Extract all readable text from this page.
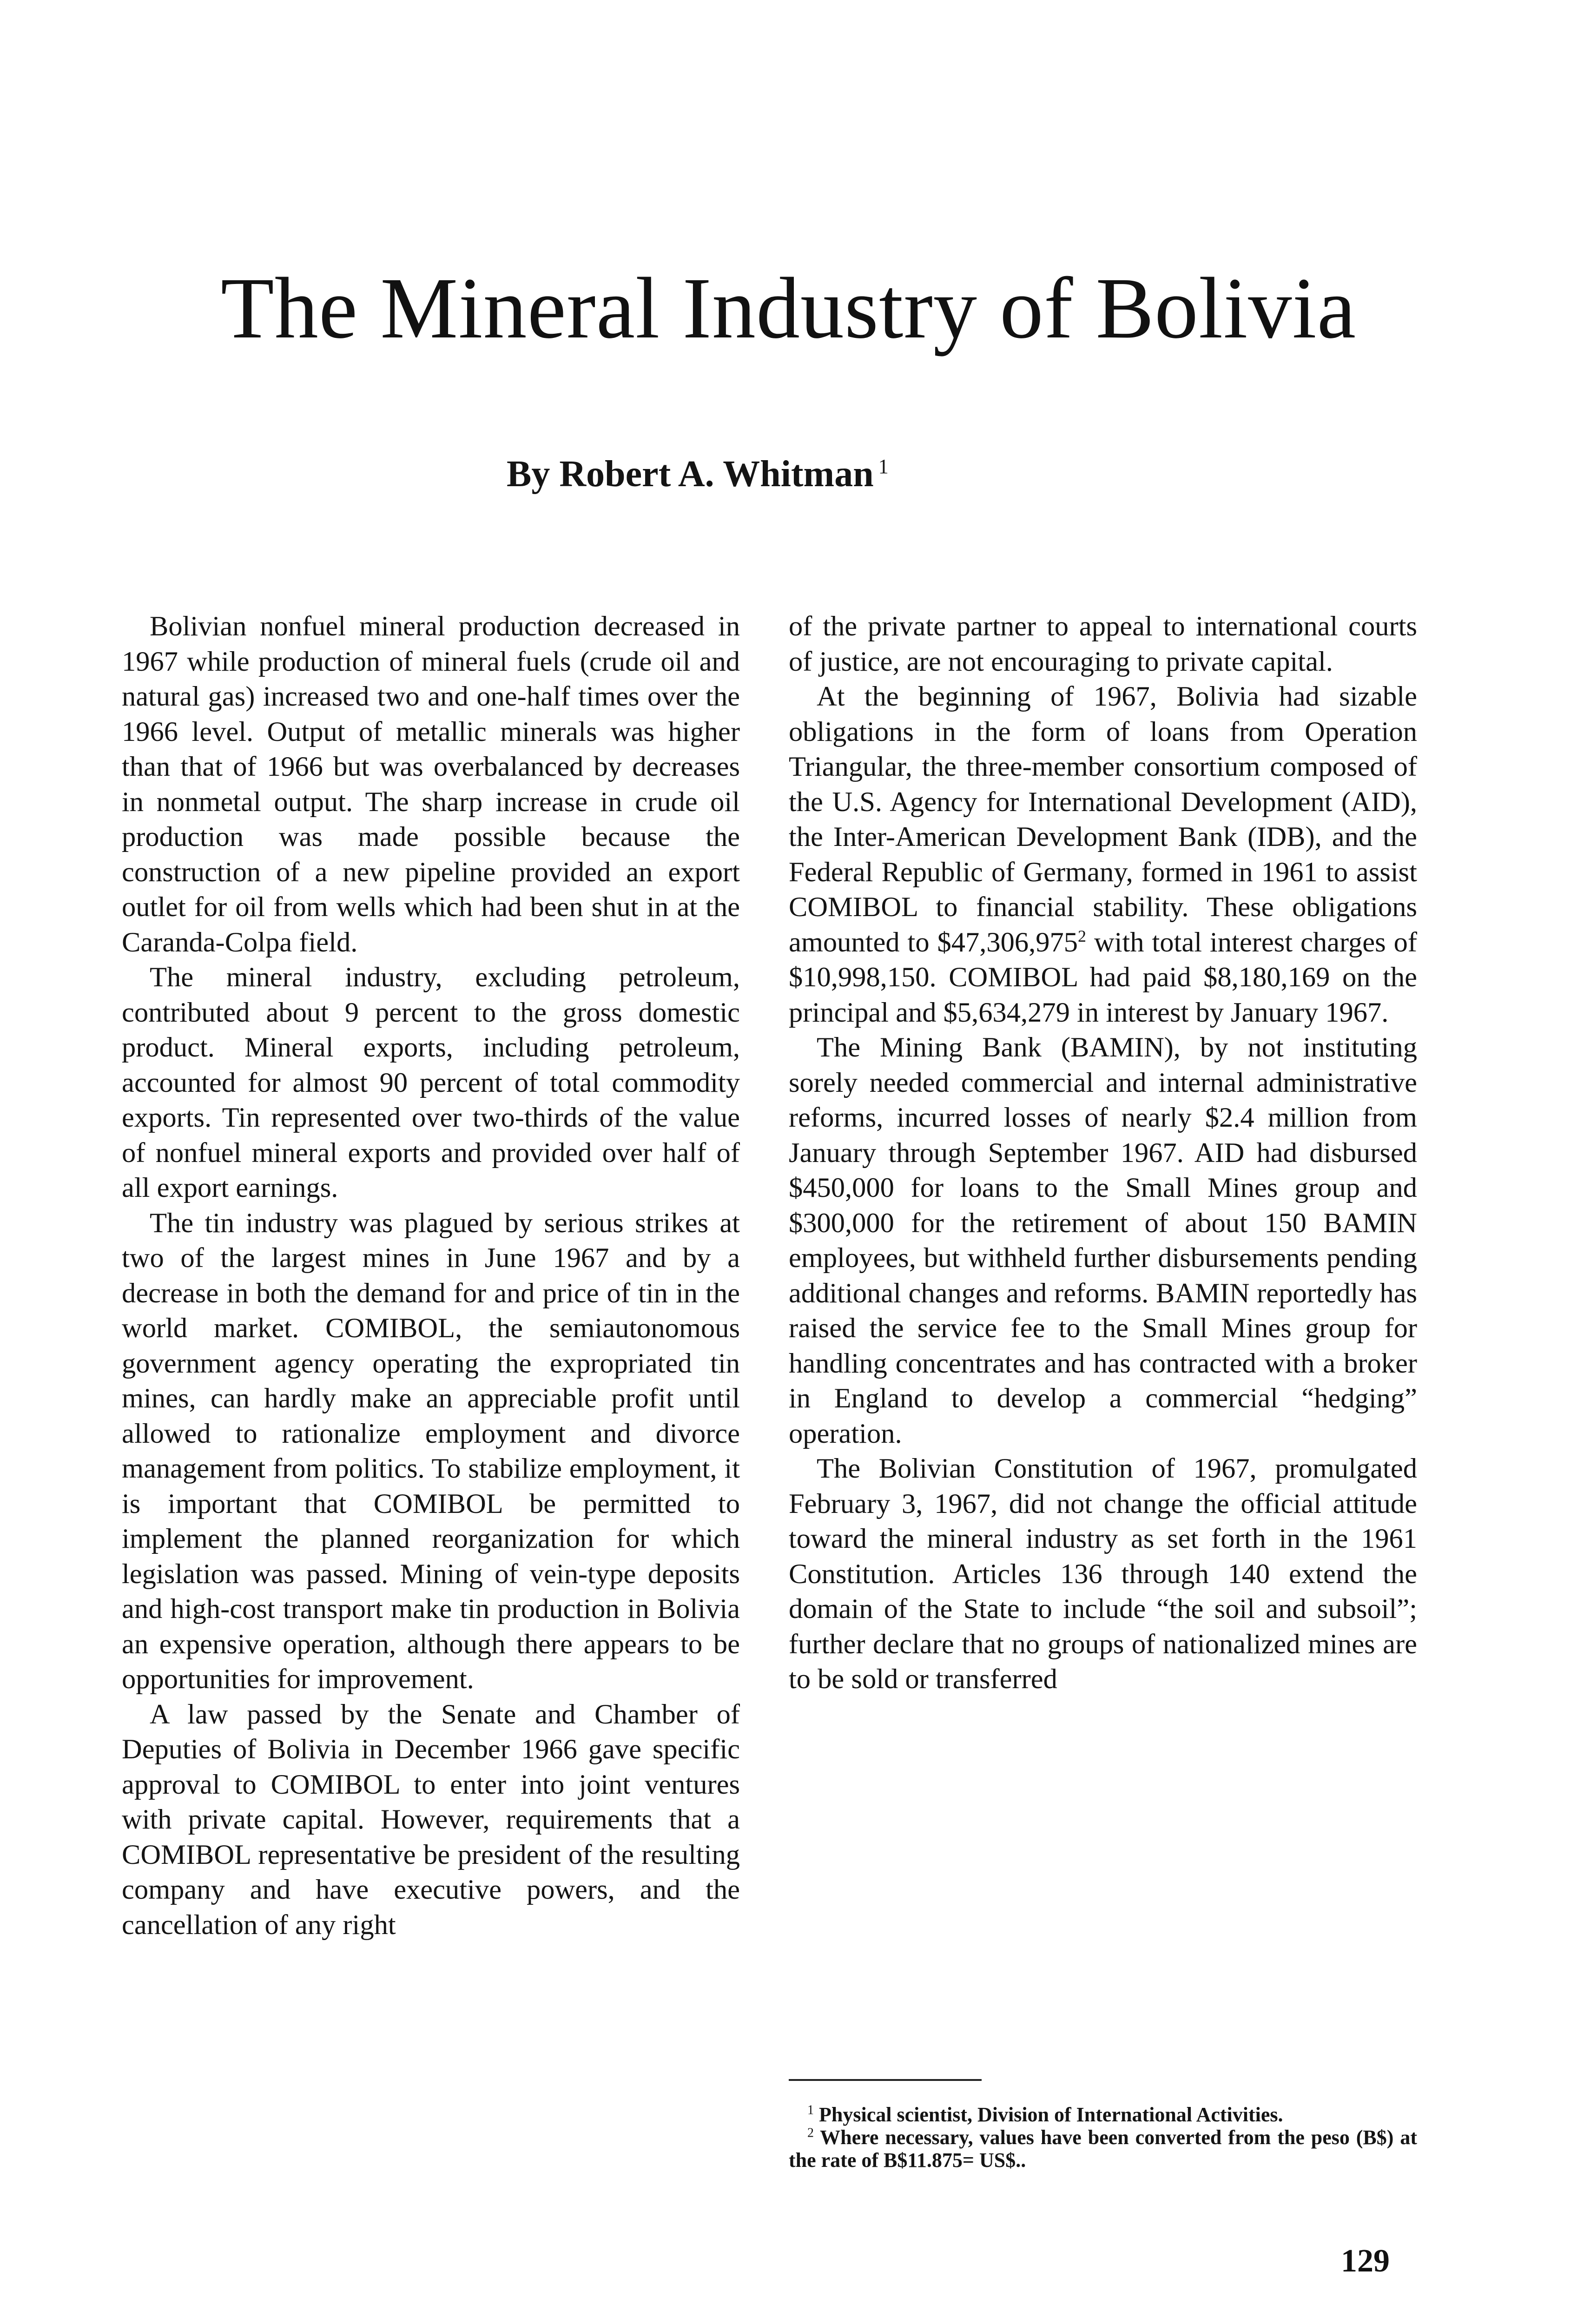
The Mineral Industry of Bolivia

By Robert A. Whitman $^1$

Bolivian nonfuel mineral production decreased in 1967 while production of mineral fuels (crude oil and natural gas) increased two and one-half times over the 1966 level. Output of metallic minerals was higher than that of 1966 but was overbalanced by decreases in nonmetal output. The sharp increase in crude oil production was made possible because the construction of a new pipeline provided an export outlet for oil from wells which had been shut in at the Caranda-Colpa field.

The mineral industry, excluding petroleum, contributed about 9 percent to the gross domestic product. Mineral exports, including petroleum, accounted for almost 90 percent of total commodity exports. Tin represented over two-thirds of the value of nonfuel mineral exports and provided over half of all export earnings.

The tin industry was plagued by serious strikes at two of the largest mines in June 1967 and by a decrease in both the demand for and price of tin in the world market. COMIBOL, the semiautonomous government agency operating the expropriated tin mines, can hardly make an appreciable profit until allowed to rationalize employment and divorce management from politics. To stabilize employment, it is important that COMIBOL be permitted to implement the planned reorganization for which legislation was passed. Mining of vein-type deposits and high-cost transport make tin production in Bolivia an expensive operation, although there appears to be opportunities for improvement.

A law passed by the Senate and Chamber of Deputies of Bolivia in December 1966 gave specific approval to COMIBOL to enter into joint ventures with private capital. However, requirements that a COMIBOL representative be president of the resulting company and have executive powers, and the cancellation of any right

of the private partner to appeal to international courts of justice, are not encouraging to private capital.

At the beginning of 1967, Bolivia had sizable obligations in the form of loans from Operation Triangular, the three-member consortium composed of the U.S. Agency for International Development (AID), the Inter-American Development Bank (IDB), and the Federal Republic of Germany, formed in 1961 to assist COMIBOL to financial stability. These obligations amounted to $47,306,975$^2$ with total interest charges of $10,998,150. COMIBOL had paid $8,180,169 on the principal and $5,634,279 in interest by January 1967.

The Mining Bank (BAMIN), by not instituting sorely needed commercial and internal administrative reforms, incurred losses of nearly $2.4 million from January through September 1967. AID had disbursed $450,000 for loans to the Small Mines group and $300,000 for the retirement of about 150 BAMIN employees, but withheld further disbursements pending additional changes and reforms. BAMIN reportedly has raised the service fee to the Small Mines group for handling concentrates and has contracted with a broker in England to develop a commercial “hedging” operation.

The Bolivian Constitution of 1967, promulgated February 3, 1967, did not change the official attitude toward the mineral industry as set forth in the 1961 Constitution. Articles 136 through 140 extend the domain of the State to include “the soil and subsoil”; further declare that no groups of nationalized mines are to be sold or transferred

$^1$ Physical scientist, Division of International Activities.

$^2$ Where necessary, values have been converted from the peso (B$) at the rate of B$11.875= US$..

129
